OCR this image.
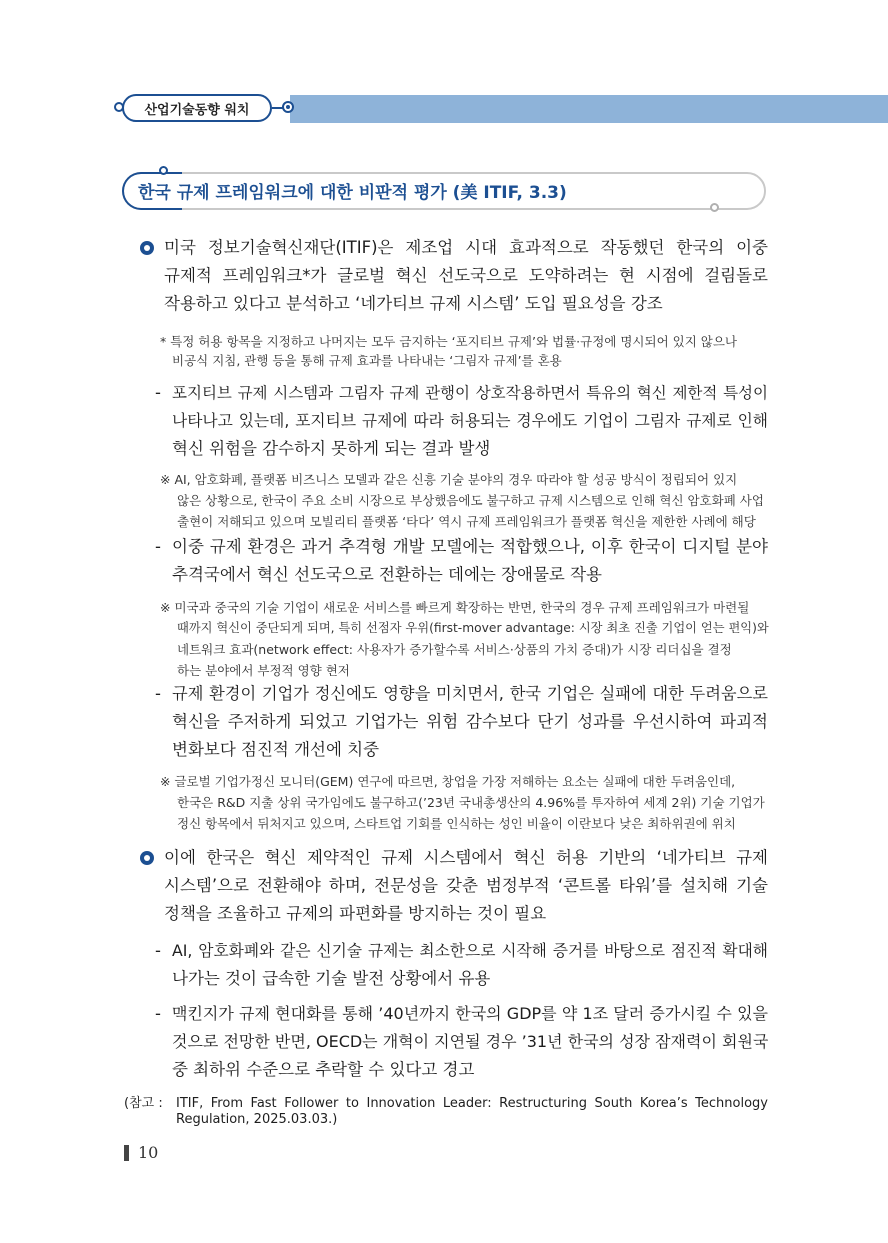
산업기술동향 워치
한국 규제 프레임워크에 대한 비판적 평가 (美 ITIF, 3.3)
미국 정보기술혁신재단(ITIF)은 제조업 시대 효과적으로 작동했던 한국의 이중
규제적 프레임워크*가 글로벌 혁신 선도국으로 도약하려는 현 시점에 걸림돌로
작용하고 있다고 분석하고 ‘네가티브 규제 시스템’ 도입 필요성을 강조
* 특정 허용 항목을 지정하고 나머지는 모두 금지하는 ‘포지티브 규제’와 법률·규정에 명시되어 있지 않으나
비공식 지침, 관행 등을 통해 규제 효과를 나타내는 ‘그림자 규제’를 혼용
- 포지티브 규제 시스템과 그림자 규제 관행이 상호작용하면서 특유의 혁신 제한적 특성이
나타나고 있는데, 포지티브 규제에 따라 허용되는 경우에도 기업이 그림자 규제로 인해
혁신 위험을 감수하지 못하게 되는 결과 발생
※ AI, 암호화폐, 플랫폼 비즈니스 모델과 같은 신흥 기술 분야의 경우 따라야 할 성공 방식이 정립되어 있지
않은 상황으로, 한국이 주요 소비 시장으로 부상했음에도 불구하고 규제 시스템으로 인해 혁신 암호화폐 사업
출현이 저해되고 있으며 모빌리티 플랫폼 ‘타다’ 역시 규제 프레임워크가 플랫폼 혁신을 제한한 사례에 해당
- 이중 규제 환경은 과거 추격형 개발 모델에는 적합했으나, 이후 한국이 디지털 분야
추격국에서 혁신 선도국으로 전환하는 데에는 장애물로 작용
※ 미국과 중국의 기술 기업이 새로운 서비스를 빠르게 확장하는 반면, 한국의 경우 규제 프레임워크가 마련될
때까지 혁신이 중단되게 되며, 특히 선점자 우위(first-mover advantage: 시장 최초 진출 기업이 얻는 편익)와
네트워크 효과(network effect: 사용자가 증가할수록 서비스·상품의 가치 증대)가 시장 리더십을 결정
하는 분야에서 부정적 영향 현저
- 규제 환경이 기업가 정신에도 영향을 미치면서, 한국 기업은 실패에 대한 두려움으로
혁신을 주저하게 되었고 기업가는 위험 감수보다 단기 성과를 우선시하여 파괴적
변화보다 점진적 개선에 치중
※ 글로벌 기업가정신 모니터(GEM) 연구에 따르면, 창업을 가장 저해하는 요소는 실패에 대한 두려움인데,
한국은 R&D 지출 상위 국가임에도 불구하고(’23년 국내총생산의 4.96%를 투자하여 세계 2위) 기술 기업가
정신 항목에서 뒤처지고 있으며, 스타트업 기회를 인식하는 성인 비율이 이란보다 낮은 최하위권에 위치
이에 한국은 혁신 제약적인 규제 시스템에서 혁신 허용 기반의 ‘네가티브 규제
시스템’으로 전환해야 하며, 전문성을 갖춘 범정부적 ‘콘트롤 타워’를 설치해 기술
정책을 조율하고 규제의 파편화를 방지하는 것이 필요
- AI, 암호화폐와 같은 신기술 규제는 최소한으로 시작해 증거를 바탕으로 점진적 확대해
나가는 것이 급속한 기술 발전 상황에서 유용
- 맥킨지가 규제 현대화를 통해 ’40년까지 한국의 GDP를 약 1조 달러 증가시킬 수 있을
것으로 전망한 반면, OECD는 개혁이 지연될 경우 ’31년 한국의 성장 잠재력이 회원국
중 최하위 수준으로 추락할 수 있다고 경고
(참고 : ITIF, From Fast Follower to Innovation Leader: Restructuring South Korea’s Technology
Regulation, 2025.03.03.)
10
